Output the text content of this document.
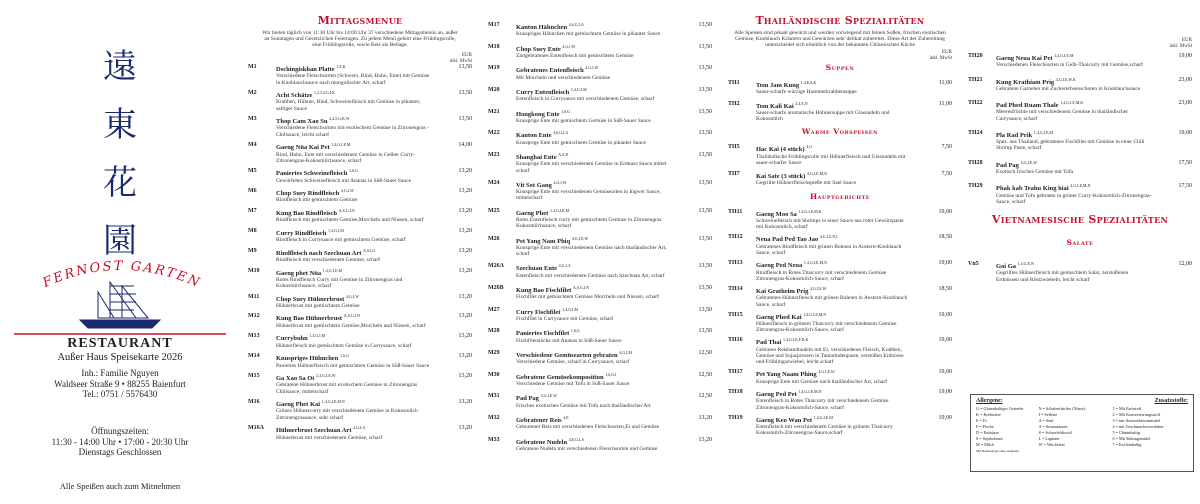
遠
東
花
園
FERNOST GARTEN
RESTAURANT
Außer Haus Speisekarte 2026
Inh.: Familie Nguyen
Waldseer Straße 9 • 88255 Baienfurt
Tel.: 0751 / 5576430
Öffnungszeiten:
11:30 - 14:00 Uhr • 17:00 - 20:30 Uhr
Dienstags Geschlossen
Alle Speißen auch zum Mitnehmen
Mittagsmenue
Wir bieten täglich von 11:30 Uhr bis 14:00 Uhr 37 verschiedene Mittagsmenüs an, außer an Sonntagen und Gesetzlichen Feiertagen. Zu jedem Menü gehört eine Frühlingsrolle, eine Frühlingsrolle, sowie Reis als Beilage.
EUR
inkl. MwSt
M1	Dschingiskhan Platte $^{1,E,K}$	13,50
Verschiedene Fleischsorten (Schwein, Rind, Huhn, Ente) mit Gemüse in Knoblauchsauce nach mongolischer Art, scharf
M2	Acht Schätze $^{1,2,3,4,G,I,K}$	13,50
Krabben, Hühner, Rind, Schweinefleisch mit Gemüse in pikanter, saftiger Sauce
M3	Thop Cam Xao Su $^{2,4,5,G,K,W}$	13,50
Verschiedene Fleischsorten mit exotischem Gemüse in Zitronengras - Chilisauce, leicht scharf
M4	Gaeng Nüa Kai Pet $^{1,4,G,I,E,M}$	14,00
Rind, Huhn, Ente mit verschiedenem Gemüse in Gelber Curry-Zitronengras-Kokosmilchsauce, scharf
M5	Paniertes Schweinefleisch $^{1,6,G}$	13,20
Gewürfeltes Schweinefleisch mit Ananas in Süß-Sauer Sauce
M6	Chop Suey Rindfleisch $^{4,G,I,W}$	13,20
Rindfleisch mit gemischtem Gemüse
M7	Kung Bao Rindfleisch $^{A,S,G,I,N}$	13,20
Rindfleisch mit gemischtem Gemüse,Morcheln und Nüssen, scharf
M8	Curry Rindfleisch $^{1,4,G,I,M}$	13,20
Rindfleisch in Currysauce mit gemischtem Gemüse, scharf
M9	Rindfleisch nach Szechuan Art $^{A,S,I,G}$	13,20
Rindfleisch mit verschiedenem Gemüse, scharf
M10	Gaeng phet Nüa $^{1,4,G,I,E,M}$	13,20
Rotes Rindfleisch Curry mit Gemüse in Zitronengras und Kokosmilchsauce, scharf
M11	Chop Suey Hühnerbrust $^{4,G,I,W}$	13,20
Hühnerbrust mit gemischtem Gemüse
M12	Kung Bao Hühnerbrust $^{A,S,G,I,N}$	13,20
Hühnerbrust mit gemischtem Gemüse,Morcheln und Nüssen, scharf
M13	Currybuhn $^{1,4,G,I,M}$	13,20
Hühnerfleisch mit gemischtem Gemüse in Currysauce, scharf
M14	Knuspriges Hühnchen $^{1,6,G}$	13,20
Paniertes Hühnerfleisch mit gemischtem Gemüse in Süß-Sauer Sauce
M15	Ga Xao Sa Ot $^{2,3,G,I,E,W}$	13,20
Gebratene Hühnerbrust mit exotischem Gemüse in Zitronengras Chilisauce, mittelscharf
M16	Gaeng Phet Kai $^{1,4,G,I,E,M,N}$	13,20
Grünes Hühnercurry mit verschiedenem Gemüse in Kokosmilch Zitronengrassauce, sehr scharf
M16A Hühnerbrust Szechuan Art $^{4,G,I,A}$	13,20
Hühnerbrust mit verschiedenem Gemüse, scharf
M17	Kanton Hähnchen $^{4,6,G,I,A}$	13,50
Knuspriges Hähnchen mit gemischtem Gemüse in pikanter Sauce
M18	Chop Suey Ente $^{4,G,I,W}$	13,50
Zartgebratenes Entenfleisch mit gemischtem Gemüse
M19	Gebratenes Entenfleisch $^{4,G,I,W}$	13,50
Mit Morcheln und verschiedenem Gemüse
M20	Curry Entenfleisch $^{1,4,G,I,M}$	13,50
Entenfleisch in Currysauce mit verschiedenem Gemüse, scharf
M21	Hongkong Ente $^{1,6,G}$	13,50
Knusprige Ente mit gemischtem Gemüse in Süß-Sauer Sauce
M22	Kanton Ente $^{4,6,G,I,A}$	13,50
Knusprige Ente mit gemischtem Gemüse in pikanter Sauce
M23	Shanghai Ente $^{A,S,D}$	13,50
Knusprige Ente mit verschiedenem Gemüse in Erdnuss Sauce,mittel scharf
M24	Vit Sot Gang $^{4,G,I,W}$	13,50
Knusprige Ente mit verschiedenen Gemüsearten in Ingwer Sauce, mittelscharf
M25	Gaeng Phet $^{1,4,G,I,E,M}$	13,50
Rotes Entenfleisch curry mit gemischtem Gemüse in Zitronengras Kokosmilchsauce, scharf
M26	Pet Yang Nam Phiq $^{4,G,I,E,W}$	13,50
Knusprige Ente mit verschiedenem Gemüse nach thailändischer Art, scharf
M26A Szechuan Ente $^{4,G,I,A}$	13,50
Entenfleisch mit verschiedenem Gemüse nach Szechuan Art, scharf
M26B Kung Bao Fischfilet $^{A,S,G,I,N}$	13,50
Fischfilet mit gemischtem Gemüse Morcheln und Nüssen, scharf
M27	Curry Fischfilet $^{1,4,G,I,M}$	13,50
Fischfilet in Currysauce mit Gemüse, scharf
M28	Paniertes Fischfilet $^{1,6,G}$	13,50
Fischfiletstücke mit Ananas in Süß-Sauer Sauce
M29	Verschiedene Gemüsearten gebraten $^{4,G,I,M}$	12,50
Verschiedene Gemüse, scharf in Currysauce, scharf
M30	Gebratene Gemüsekomposition $^{1,6,G,I}$	12,50
Verschiedene Gemüse mit Tofu in Süß-Sauer Sauce
M31	Pad Pag $^{4,G,I,E,W}$	12,50
Frisches exotisches Gemüse mit Tofu nach thailändischer Art
M32	Gebratener Reis $^{4,E}$	13,20
Gebratener Reis mit verschiedenen Fleischsorten,Ei und Gemüse
M33	Gebratene Nudeln $^{4,E,G,I,A}$	13,20
Gebratene Nudeln mit verschiedenen Fleischsorten und Gemüse
Thailändische Spezialitäten
Alle Speisen sind pikant gewürzt und werden vorwiegend mit feinen Soßen, frischen exotischen Gemüse, Knoblauch Kräutern und Gewürzen sehr delikat zubereitet. Diese Art der Zubereitung unterscheidet sich erheblich von der bekannten Chinesischen Küche
EUR
inkl. MwSt
Suppen
TH1	Tom Jam Kung $^{1,4,E,S,K}$	11,00
Sauer-scharfe würzige Hummerkrabbensuppe
TH2	Tom Kali Kai $^{2,4,E,N}$	11,00
Sauer-scharfe aromatische Hühnersuppe mit Glasnudeln und Kokosmilch
Warme Vorspeisen
TH5	Hac Kai (4 stück) $^{4,G}$	7,50
Thailändische Frühlingsrolle mit Hühnerfleisch und Glasnudeln mit sauer-scharfer Sauce
TH7	Kai Sate (3 stück) $^{4,G,I,E,M,N}$	7,50
Gegrillte Hühnerfleischspieße mit Saté Sauce
Hauptgerichte
TH11 Gaeng Moo Sa $^{1,4,G,I,E,M,K}$	19,00
Schweinefleisch mit Shrimps in einer Sauce aus roter Gewürzpaste mit Kokosmilch, scharf
TH12 Neua Pad Ped Tao Jao $^{4,G,I,E,N,I}$	18,50
Gebratenes Rindfleisch mit grünen Bohnen in Austern-Knoblauch Sauce, scharf
TH13 Gaeng Ped Neua $^{1,4,G,I,E,M,N}$	19,00
Rindfleisch in Rotes Thaicurry mit verschiedenem Gemüse Zitronengras-Kokosmilch-Sauce, scharf
TH14 Kai Gratheim Prig $^{4,G,I,E,W}$	18,50
Gebratenes Hühnerfleisch mit grünen Bohnen in Austern-Knoblauch Sauce, scharf
TH15 Gaeng Phed Kai $^{1,4,G,I,E,M,N}$	19,00
Hühnerfleisch in grünem Thaicurry mit verschiedenem Gemüse Zitronengras-Kokosmilch-Sauce, scharf
TH16 Pad Thai $^{1,4,G,I,E,F,D,K}$	19,00
Gebraten Reisbandnudeln mit Ei, verschiedenes Fleisch, Krabben, Gemüse und Sojasprossen in Tamarindenpaste, zerstoßen Erdnüsse und Frühlingszwiebel, leicht scharf
TH17 Pet Yang Naam Phing $^{4,G,I,E,W}$	19,00
Knusprige Ente mit Gemüse nach thailändischer Art, scharf
TH18 Gaeng Ped Pet $^{1,4,G,I,E,M,N}$	19,00
Entenfleisch in Rotes Thaicurry mit verschiedenem Gemüse Zitronengras-Kokosmilch-Sauce, scharf
TH19 Gaeng Keo Wan Pet $^{1,4,G,I,E,M}$	19,00
Entenfleisch mit verschiedenem Gemüse in grünem Thaicurry Kokosmilch-Zitronengras-Sauce,scharf
EUR
inkl. MwSt
TH20 Gaeng Neua Kai Pet $^{1,4,G,I,E,M}$	19,00
Verschiedenen Fleischsorten in Gelb-Thaicurry mit Gemüse,scharf
TH21 Kung Krathiam Prig $^{4,G,I,E,W,K}$	23,00
Gebratene Garnelen mit Zuckererbsenschoten in Knoblauchsauce
TH22 Pad Phed Ruam Thale $^{1,4,G,I,E,M,K}$	23,00
Meeresfrüchte mit verschiedenem Gemüse in thailändischer Currysauce, scharf
TH24 Pla Rad Prik $^{1,4,G,I,E,M}$	19,00
Spez. aus Thailand, gebratenes Fischfilet mit Gemüse in einer Chili Shrimp Paste, scharf
TH28 Pad Pag $^{4,G,I,E,W}$	17,50
Exotisch frisches Gemüse mit Tofu
TH29 Phak kab Teahu King hiai $^{4,G,I,E,M,N}$	17,50
Gemüse und Tofu gebraten in grüner Curry-Kokosmilch-Zitronengras-Sauce, scharf
Vietnamesische Spezialitäten
Salate
Vn5	Goi Ga $^{1,4,G,E,N}$	12,00
Gegrilltes Hühnerfleisch mit gemischtem Salat, zerstoßenen Erdnüssen und Röstzwiebeln, leicht scharf
Allergene:	Zusatzstoffe:
G = Glutenhaltiges Getreide
K = Krebstiere
E = Ei
F = Fische
D = Erdnüsse
S = Sojabohnen
M = Milch
N = Schalenfrüchte (Nüsse)
I = Sellerie
A = Senf
A = Sesamsamen
S = Schwefeldioxid
L = Lupinen
W = Weichtiere
1 = Mit Farbstoff
2 = Mit Konservierungsstoff
3 = mit Antioxidationsmittel
4 = mit Geschmacksverstärker
5 = Chininhaltig
6 = Mit Süßungsmittel
7 = Koffeinhaltig
Mit Reisbeilage ohne Aufpreis
